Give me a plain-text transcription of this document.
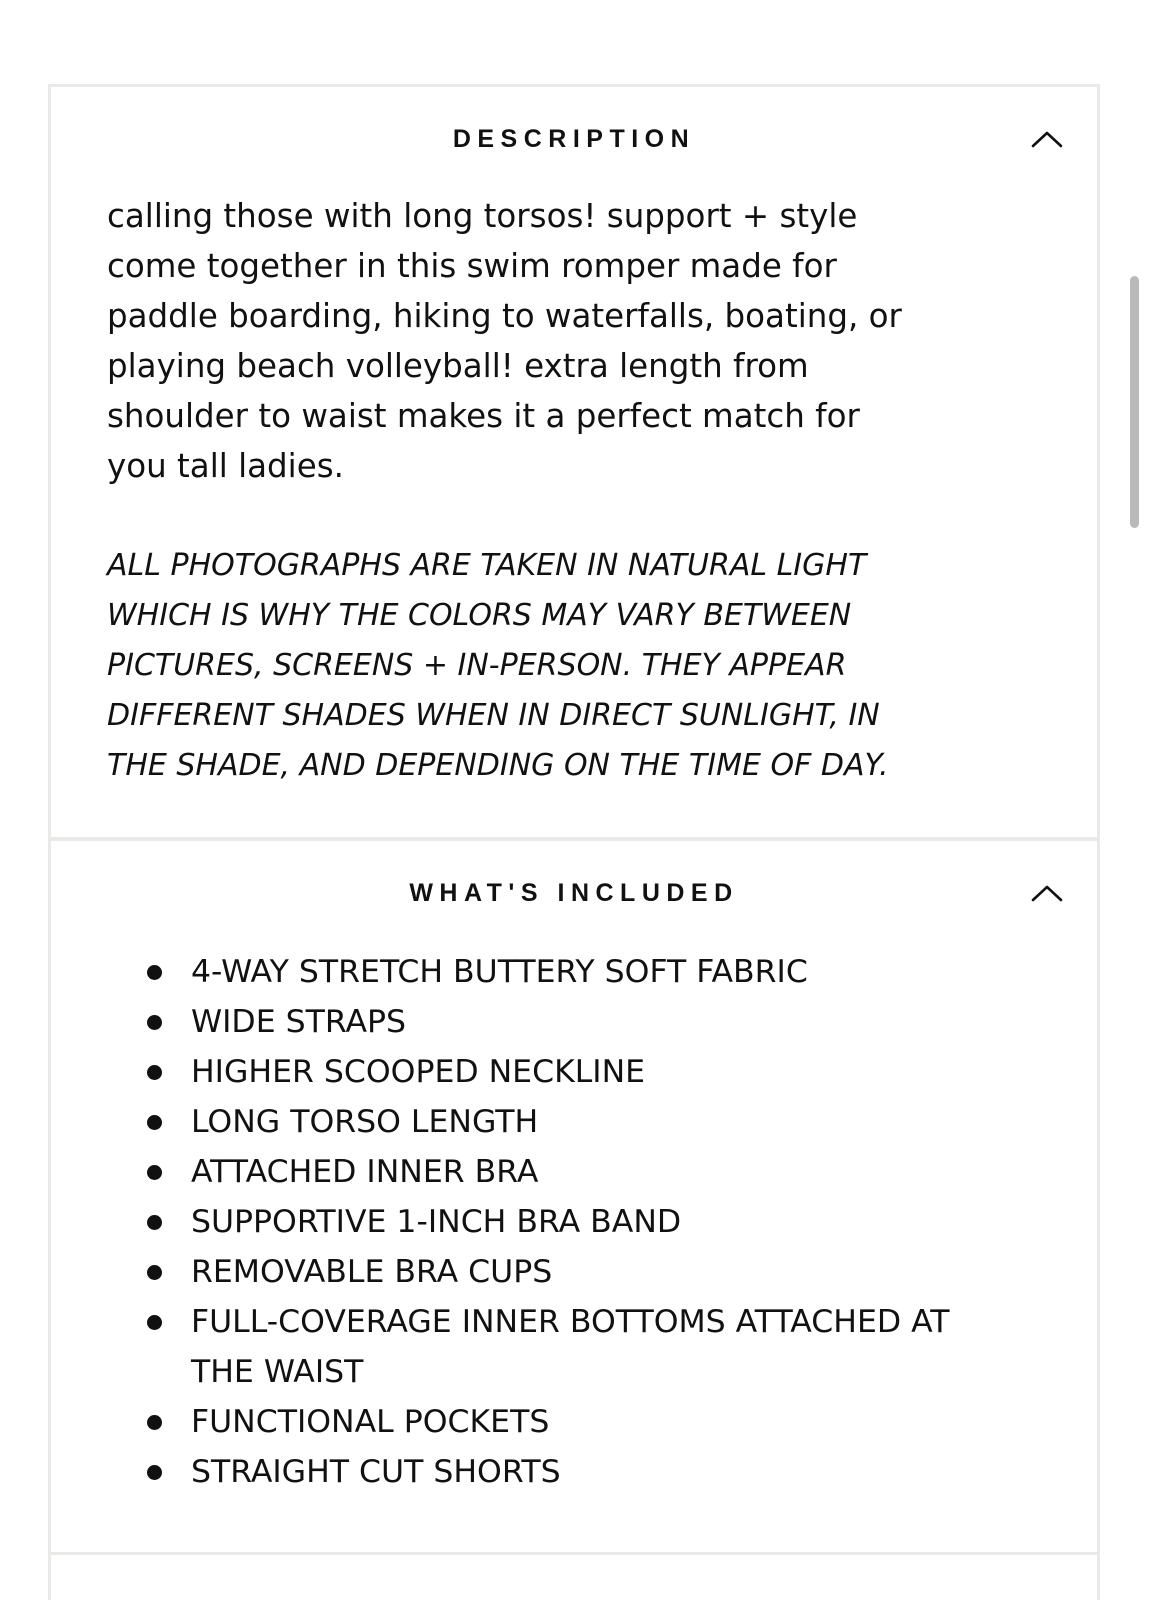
DESCRIPTION

calling those with long torsos! support + style
come together in this swim romper made for
paddle boarding, hiking to waterfalls, boating, or
playing beach volleyball! extra length from
shoulder to waist makes it a perfect match for
you tall ladies.

ALL PHOTOGRAPHS ARE TAKEN IN NATURAL LIGHT
WHICH IS WHY THE COLORS MAY VARY BETWEEN
PICTURES, SCREENS + IN-PERSON. THEY APPEAR
DIFFERENT SHADES WHEN IN DIRECT SUNLIGHT, IN
THE SHADE, AND DEPENDING ON THE TIME OF DAY.

WHAT'S INCLUDED
4-WAY STRETCH BUTTERY SOFT FABRIC
WIDE STRAPS
HIGHER SCOOPED NECKLINE
LONG TORSO LENGTH
ATTACHED INNER BRA
SUPPORTIVE 1-INCH BRA BAND
REMOVABLE BRA CUPS
FULL-COVERAGE INNER BOTTOMS ATTACHED AT
THE WAIST
FUNCTIONAL POCKETS
STRAIGHT CUT SHORTS
